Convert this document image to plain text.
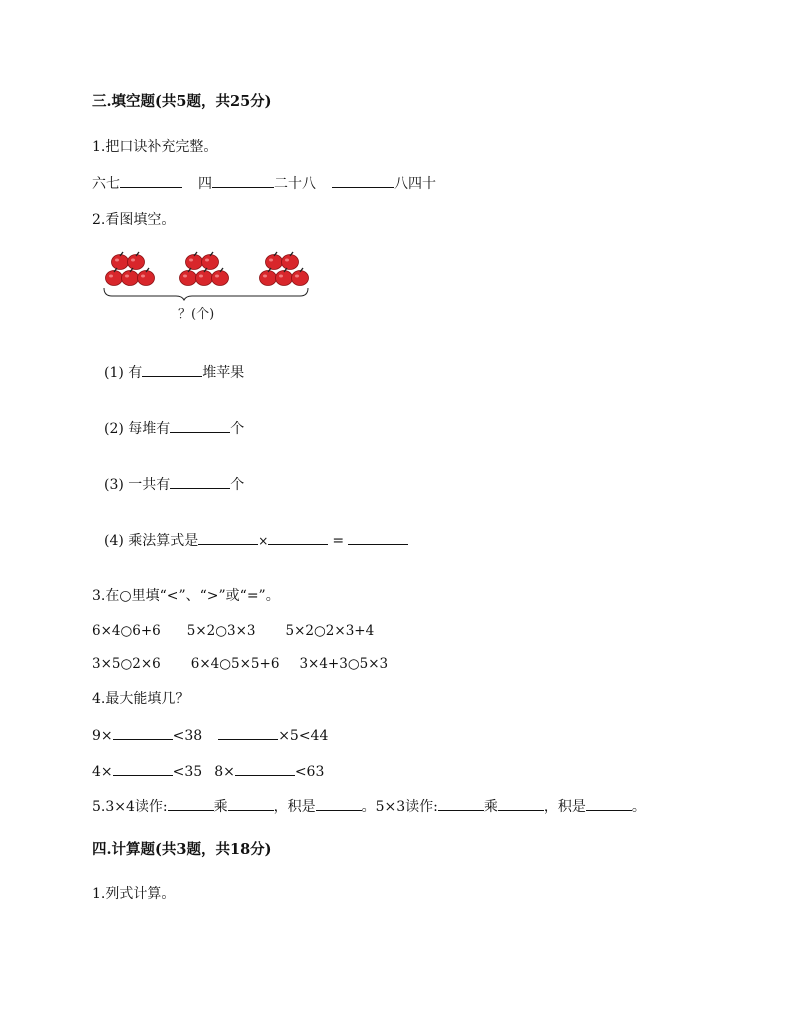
三.填空题(共5题，共25分)
1.把口诀补充完整。
六七	四	二十八	八四十
2.看图填空。
？(个)
(1) 有	堆苹果
(2) 每堆有	个
(3) 一共有	个
(4) 乘法算式是	×	=
3.在○里填“<”、“>”或“=”。
6×4○6+6 5×2○3×3 5×2○2×3+4
3×5○2×6 6×4○5×5+6 3×4+3○5×3
4.最大能填几？
9×	<38	×5<44
4×	<35 8×	<63
5.3×4读作:	乘	，积是	。5×3读作:	乘	，积是	。
四.计算题(共3题，共18分)
1.列式计算。
